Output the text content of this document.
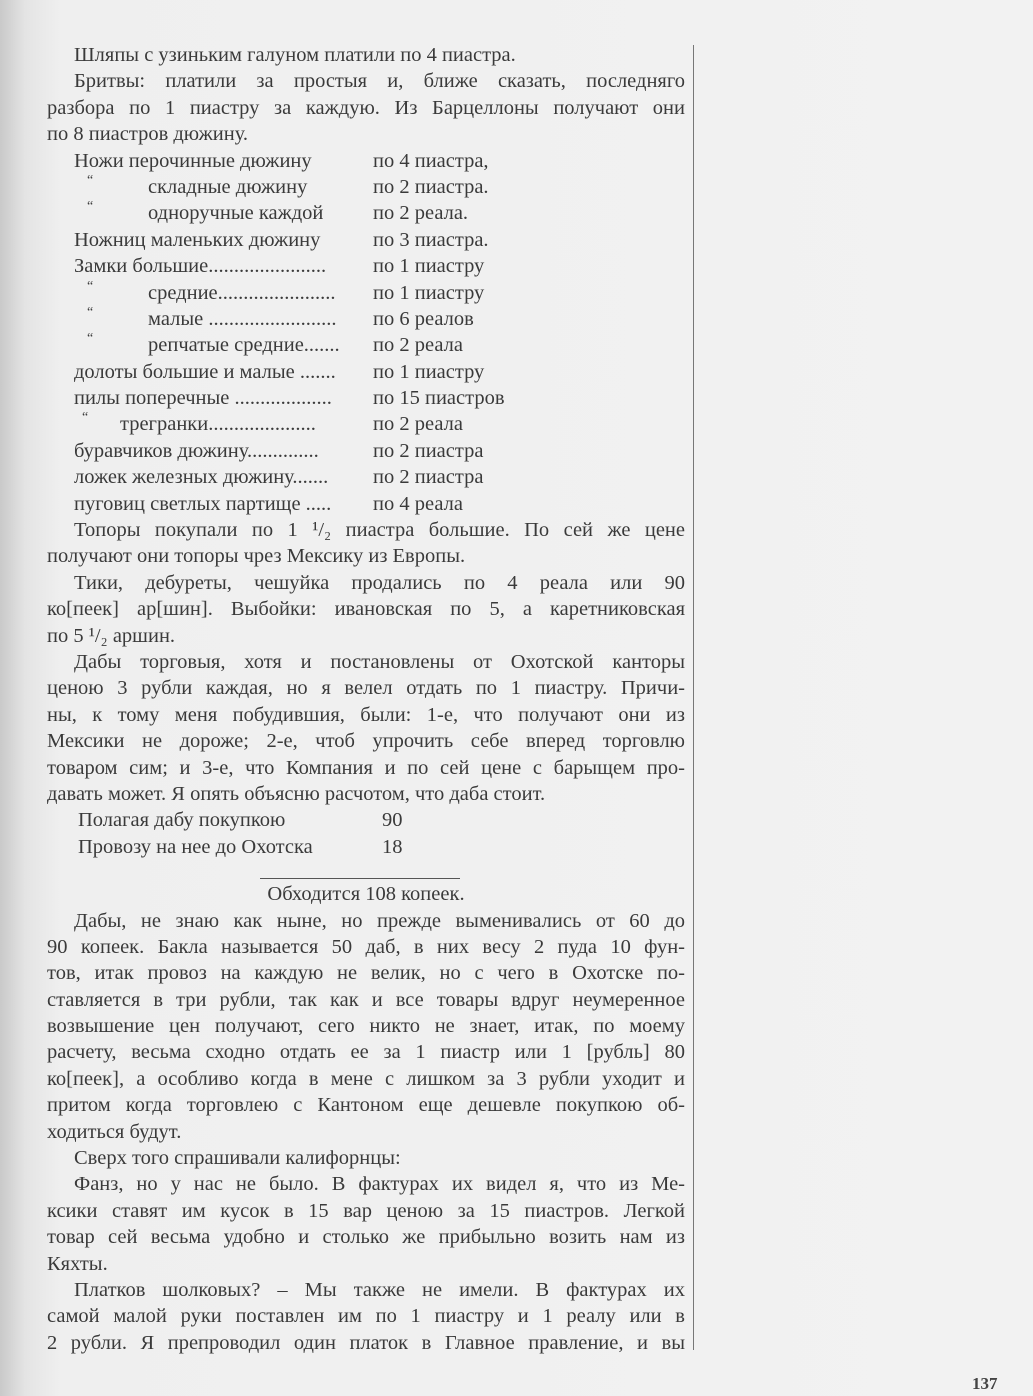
Шляпы с узиньким галуном платили по 4 пиастра.
Бритвы: платили за простыя и, ближе сказать, последняго
разбора по 1 пиастру за каждую. Из Барцеллоны получают они
по 8 пиастров дюжину.
Ножи перочинные дюжину	по 4 пиастра,
“	складные дюжину	по 2 пиастра.
“	одноручные каждой по 2 реала.
Ножниц маленьких дюжину	по 3 пиастра.
Замки большие....................... по 1 пиастру
“	средние....................... по 1 пиастру
“	малые ......................... по 6 реалов
“	репчатые средние....... по 2 реала
долоты большие и малые ....... по 1 пиастру
пилы поперечные ................... по 15 пиастров
“ трегранки.....................	по 2 реала
буравчиков дюжину..............	по 2 пиастра
ложек железных дюжину....... по 2 пиастра
пуговиц светлых партище ..... по 4 реала
Топоры покупали по 1 ¹/₂ пиастра большие. По сей же цене
получают они топоры чрез Мексику из Европы.
Тики, дебуреты, чешуйка продались по 4 реала или 90
ко[пеек] ар[шин]. Выбойки: ивановская по 5, а каретниковская
по 5 ¹/₂ аршин.
Дабы торговыя, хотя и постановлены от Охотской канторы
ценою 3 рубли каждая, но я велел отдать по 1 пиастру. Причи-
ны, к тому меня побудившия, были: 1-е, что получают они из
Мексики не дороже; 2-е, чтоб упрочить себе вперед торговлю
товаром сим; и 3-е, что Компания и по сей цене с барыщем про-
давать может. Я опять объясню расчотом, что даба стоит.
Полагая дабу покупкою	90
Провозу на нее до Охотска	18
Обходится 108 копеек.
Дабы, не знаю как ныне, но прежде выменивались от 60 до
90 копеек. Бакла называется 50 даб, в них весу 2 пуда 10 фун-
тов, итак провоз на каждую не велик, но с чего в Охотске по-
ставляется в три рубли, так как и все товары вдруг неумеренное
возвышение цен получают, сего никто не знает, итак, по моему
расчету, весьма сходно отдать ее за 1 пиастр или 1 [рубль] 80
ко[пеек], а особливо когда в мене с лишком за 3 рубли уходит и
притом когда торговлею с Кантоном еще дешевле покупкою об-
ходиться будут.
Сверх того спрашивали калифорнцы:
Фанз, но у нас не было. В фактурах их видел я, что из Ме-
ксики ставят им кусок в 15 вар ценою за 15 пиастров. Легкой
товар сей весьма удобно и столько же прибыльно возить нам из
Кяхты.
Платков шолковых? – Мы также не имели. В фактурах их
самой малой руки поставлен им по 1 пиастру и 1 реалу или в
2 рубли. Я препроводил один платок в Главное правление, и вы
137
